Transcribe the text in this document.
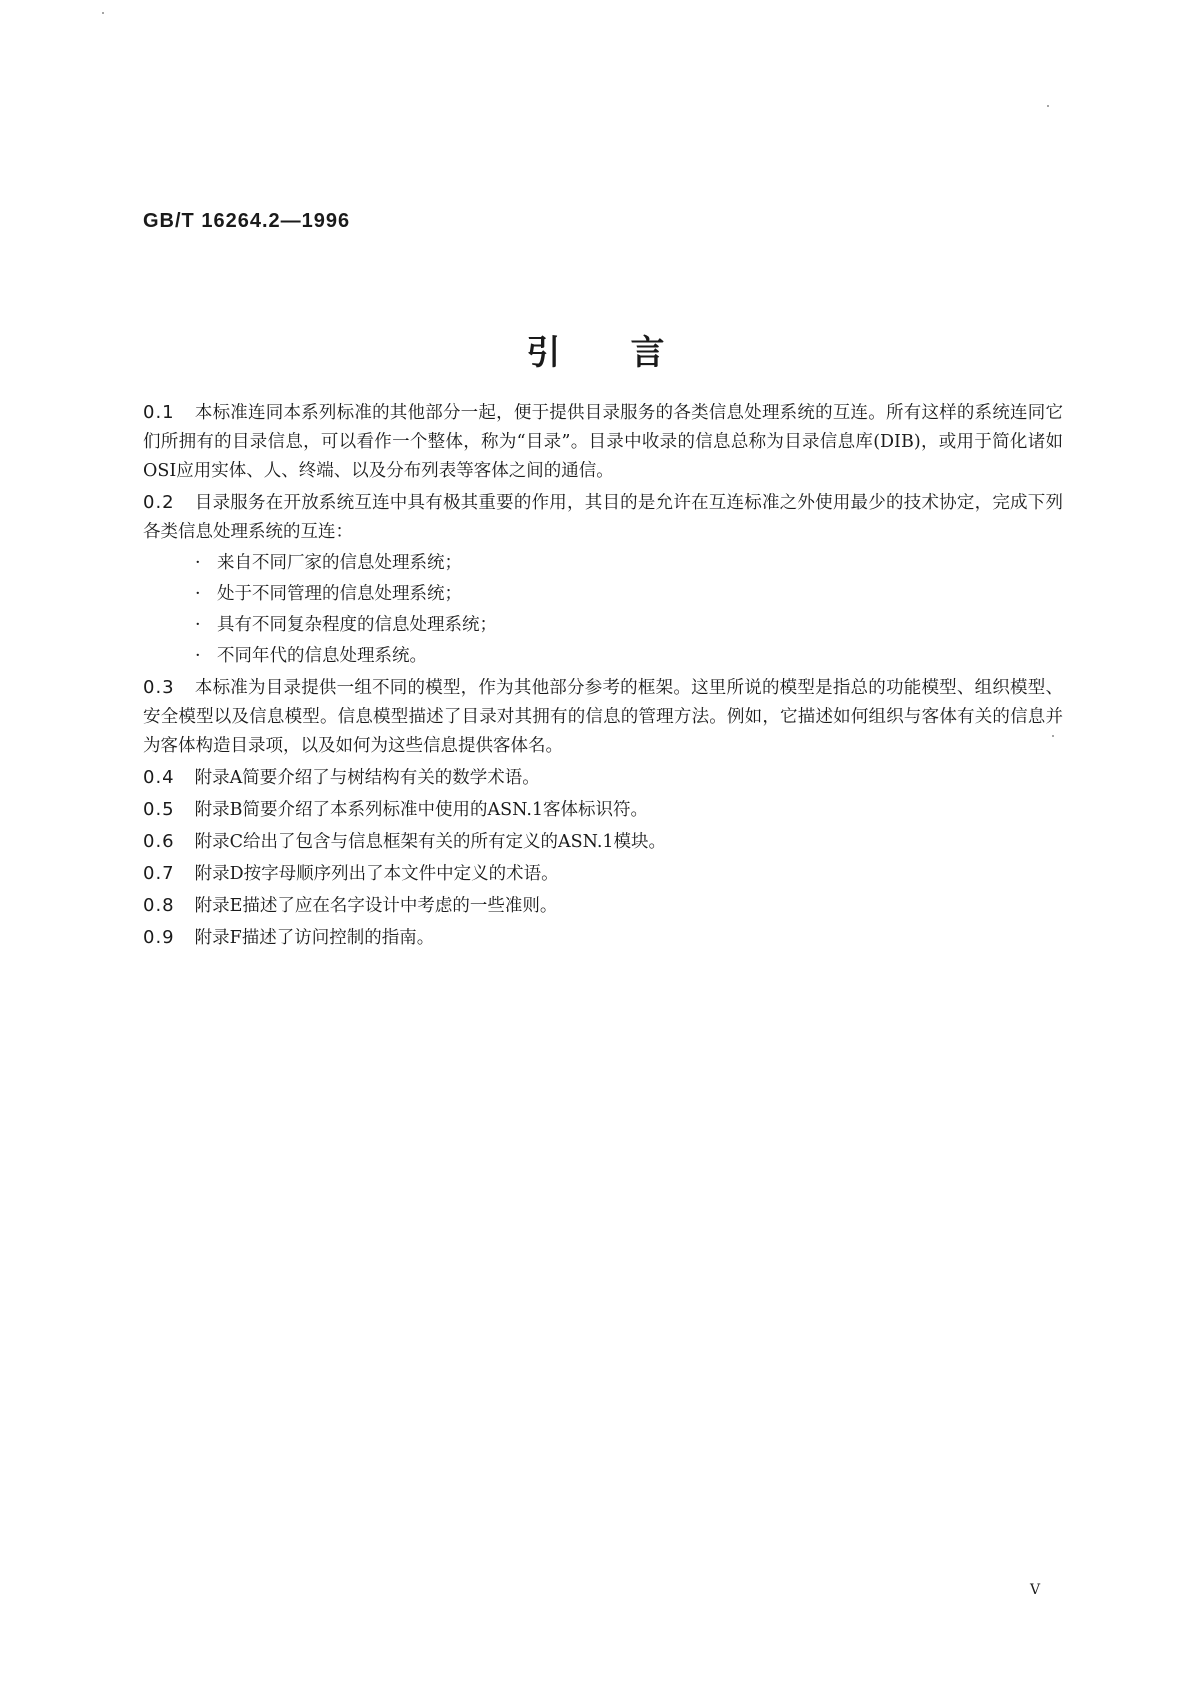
GB/T 16264.2—1996
引言

0.1 本标准连同本系列标准的其他部分一起，便于提供目录服务的各类信息处理系统的互连。所有这样的系统连同它们所拥有的目录信息，可以看作一个整体，称为“目录”。目录中收录的信息总称为目录信息库(DIB)，或用于简化诸如OSI应用实体、人、终端、以及分布列表等客体之间的通信。

0.2 目录服务在开放系统互连中具有极其重要的作用，其目的是允许在互连标准之外使用最少的技术协定，完成下列各类信息处理系统的互连：

· 来自不同厂家的信息处理系统；
· 处于不同管理的信息处理系统；
· 具有不同复杂程度的信息处理系统；
· 不同年代的信息处理系统。

0.3 本标准为目录提供一组不同的模型，作为其他部分参考的框架。这里所说的模型是指总的功能模型、组织模型、安全模型以及信息模型。信息模型描述了目录对其拥有的信息的管理方法。例如，它描述如何组织与客体有关的信息并为客体构造目录项，以及如何为这些信息提供客体名。

0.4 附录A简要介绍了与树结构有关的数学术语。

0.5 附录B简要介绍了本系列标准中使用的ASN.1客体标识符。

0.6 附录C给出了包含与信息框架有关的所有定义的ASN.1模块。

0.7 附录D按字母顺序列出了本文件中定义的术语。

0.8 附录E描述了应在名字设计中考虑的一些准则。

0.9 附录F描述了访问控制的指南。

V
